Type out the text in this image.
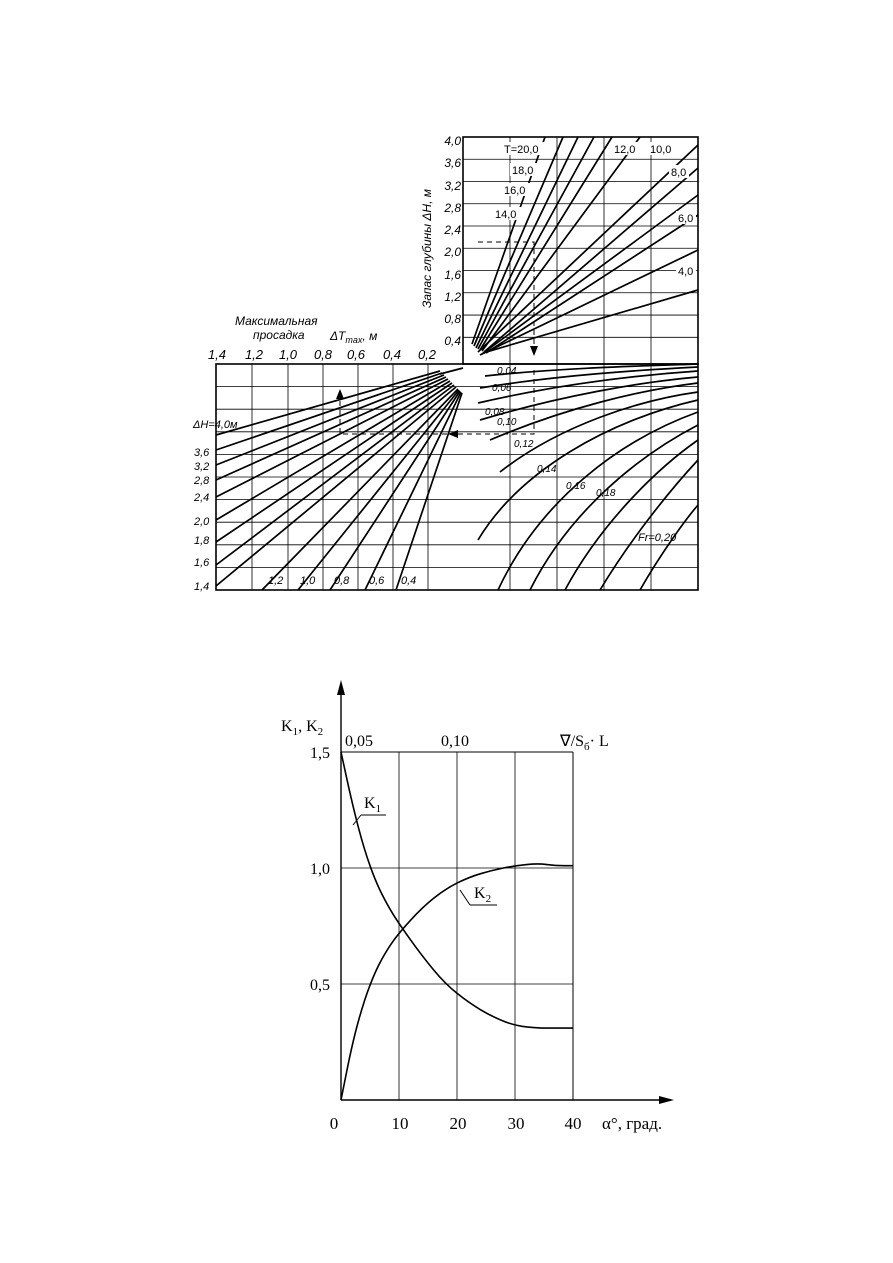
Запас глубины ΔH, м
0,4
0,8
1,2
1,6
2,0
2,4
2,8
3,2
3,6
4,0
T=20,0
18,0
16,0
14,0
12,0 10,0
8,0
6,0
4,0
0,04
0,06
0,08
0,10
0,12
0,14
0,16
0,18
Fr=0,20
Максимальная
просадка $\Delta T_{max}$, м
1,4 1,2 1,0 0,8 0,6 0,4 0,2
ΔH=4,0м
3,6
3,2
2,8
2,4
2,0
1,8
1,6
1,4	1,2 1,0 0,8 0,6 0,4
$K_1$, $K_2$
0,5
1,0
1,5
0	10 20 30 40 α°, град.
0,05	0,10	$\nabla/S_б\cdot L$
$K_1$
$K_2$
